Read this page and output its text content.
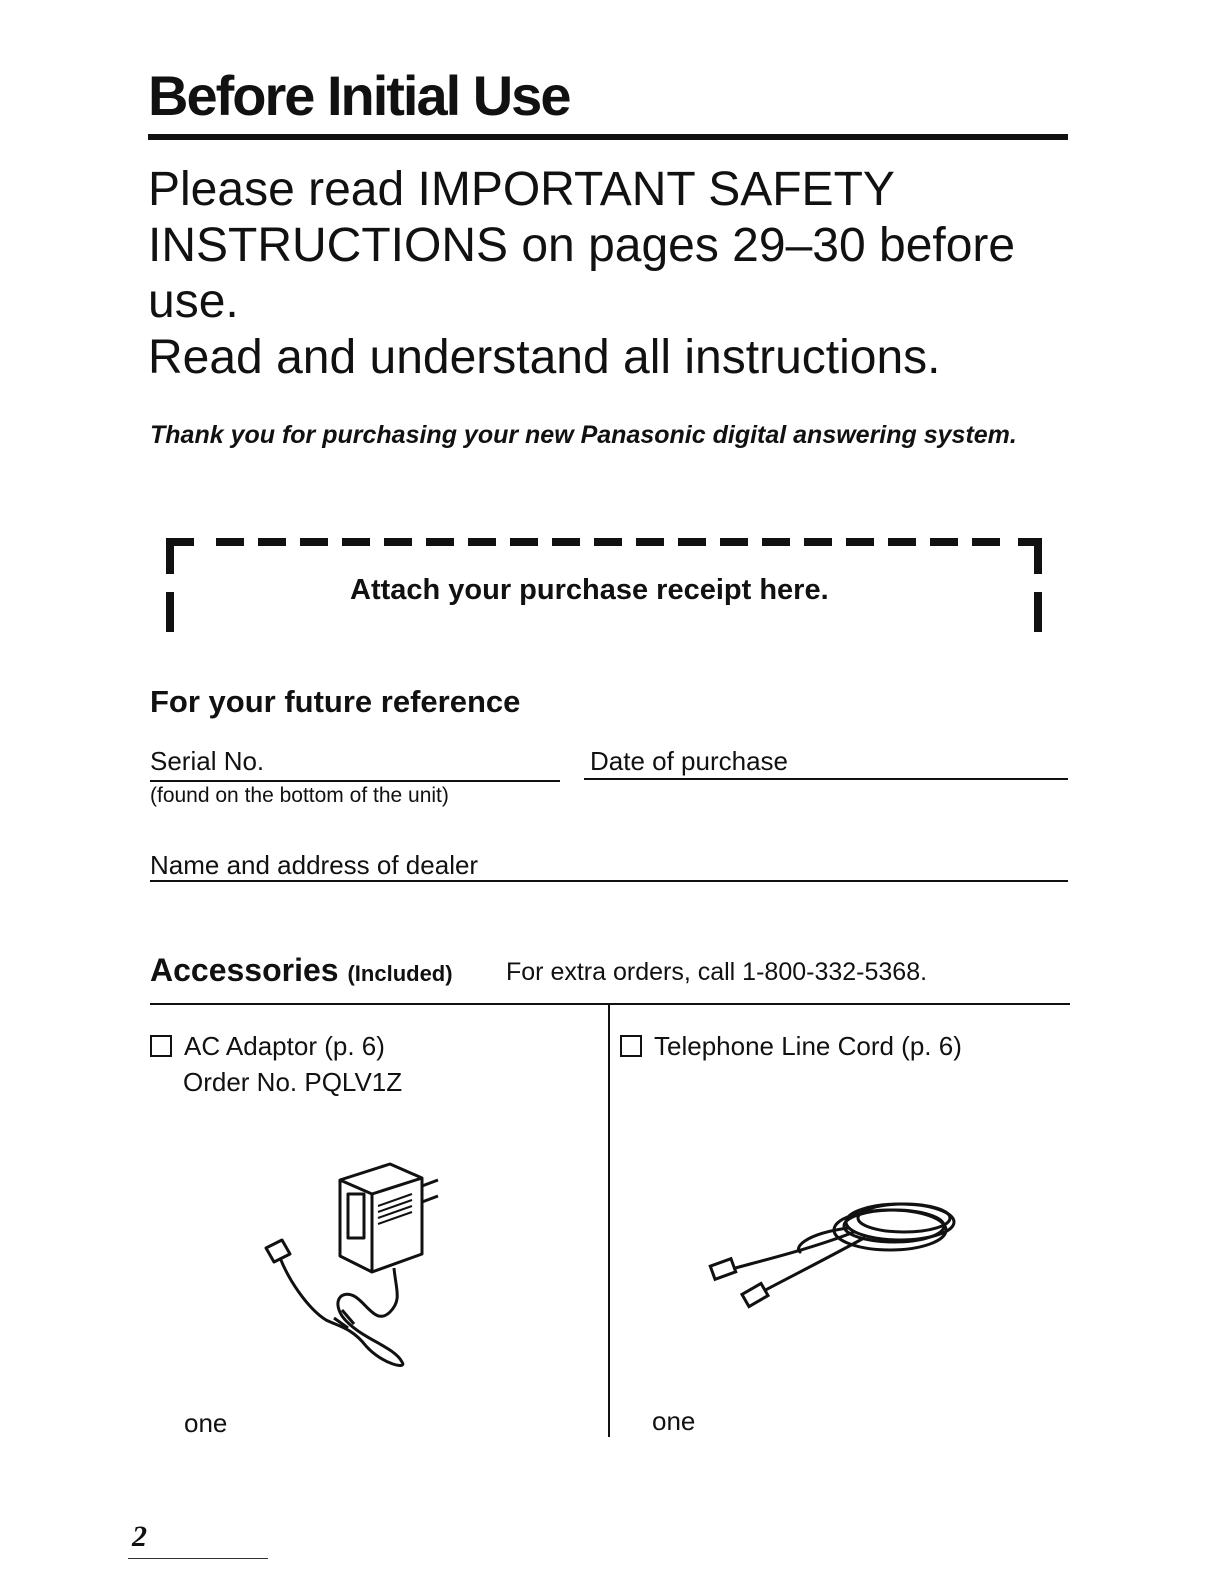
Before Initial Use

Please read IMPORTANT SAFETY INSTRUCTIONS on pages 29–30 before use.

Read and understand all instructions.

Thank you for purchasing your new Panasonic digital answering system.
Attach your purchase receipt here.
For your future reference
Serial No.
(found on the bottom of the unit)
Date of purchase
Name and address of dealer
Accessories (Included) For extra orders, call 1-800-332-5368.
AC Adaptor (p. 6)
Order No. PQLV1Z
one
Telephone Line Cord (p. 6)
one
2
